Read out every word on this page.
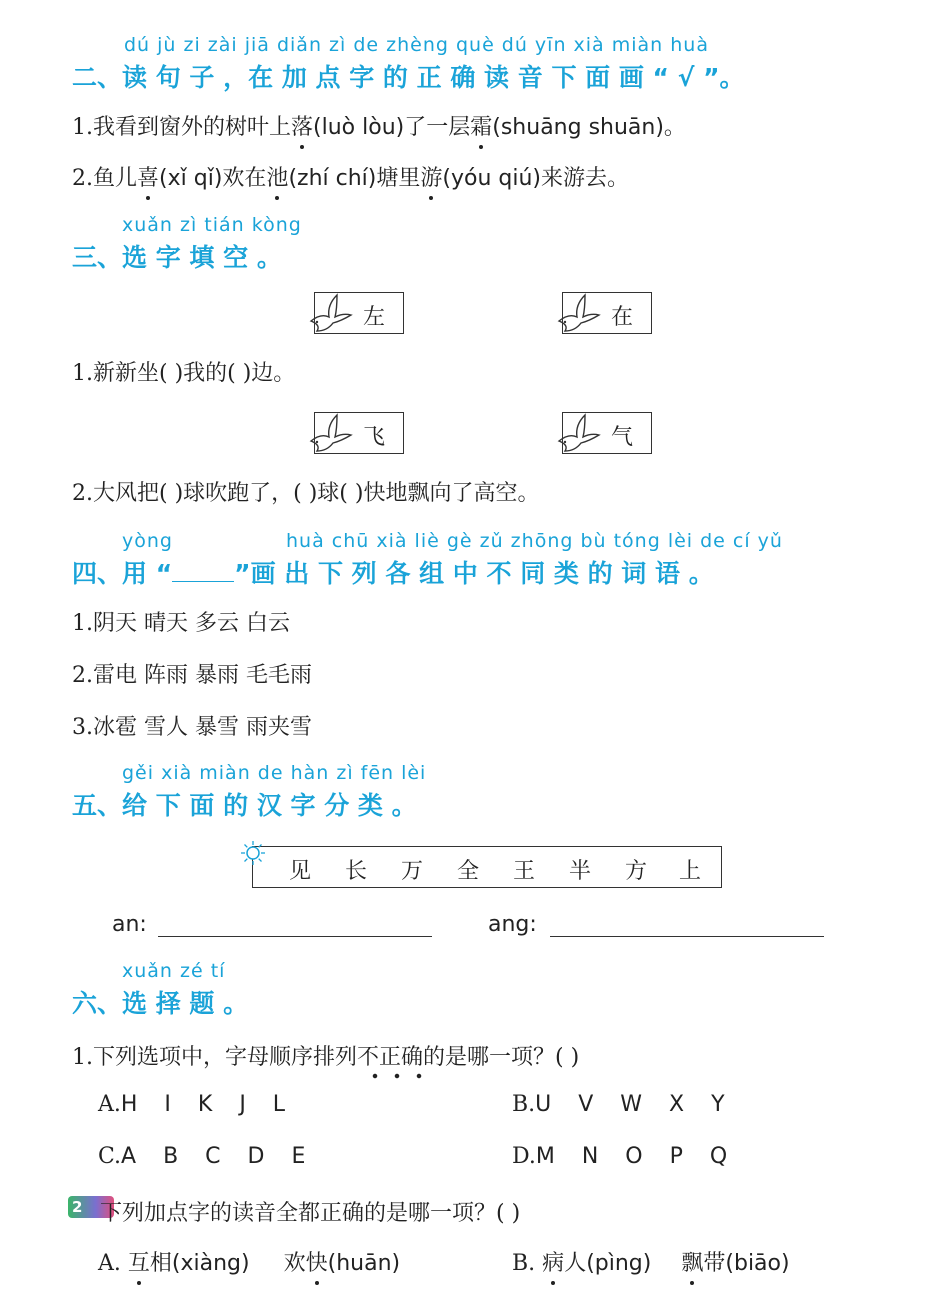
dú jù zi zài jiā diǎn zì de zhèng què dú yīn xià miàn huà
二、读 句 子 ，在 加 点 字 的 正 确 读 音 下 面 画 “ √ ”。
1.我看到窗外的树叶上落(luò lòu)了一层霜(shuāng shuān)。
2.鱼儿喜(xǐ qǐ)欢在池(zhí chí)塘里游(yóu qiú)来游去。
xuǎn zì tián kòng
三、选 字 填 空 。
左	在
1.新新坐( )我的( )边。
飞	气
2.大风把( )球吹跑了，( )球( )快地飘向了高空。
yòng	huà chū xià liè gè zǔ zhōng bù tóng lèi de cí yǔ
四、用 “ ”画 出 下 列 各 组 中 不 同 类 的 词 语 。
1.阴天 晴天 多云 白云
2.雷电 阵雨 暴雨 毛毛雨
3.冰雹 雪人 暴雪 雨夹雪
gěi xià miàn de hàn zì fēn lèi
五、给 下 面 的 汉 字 分 类 。
见 长 万 全 王 半 方 上
an:	ang:
xuǎn zé tí
六、选 择 题 。
1.下列选项中，字母顺序排列不正确的是哪一项？( )
A.H I K J L	B.U V W X Y
C.A B C D E	D.M N O P Q
2 下列加点字的读音全都正确的是哪一项？( )
A. 互相(xiàng) 欢快(huān)	B. 病人(pìng) 飘带(biāo)
